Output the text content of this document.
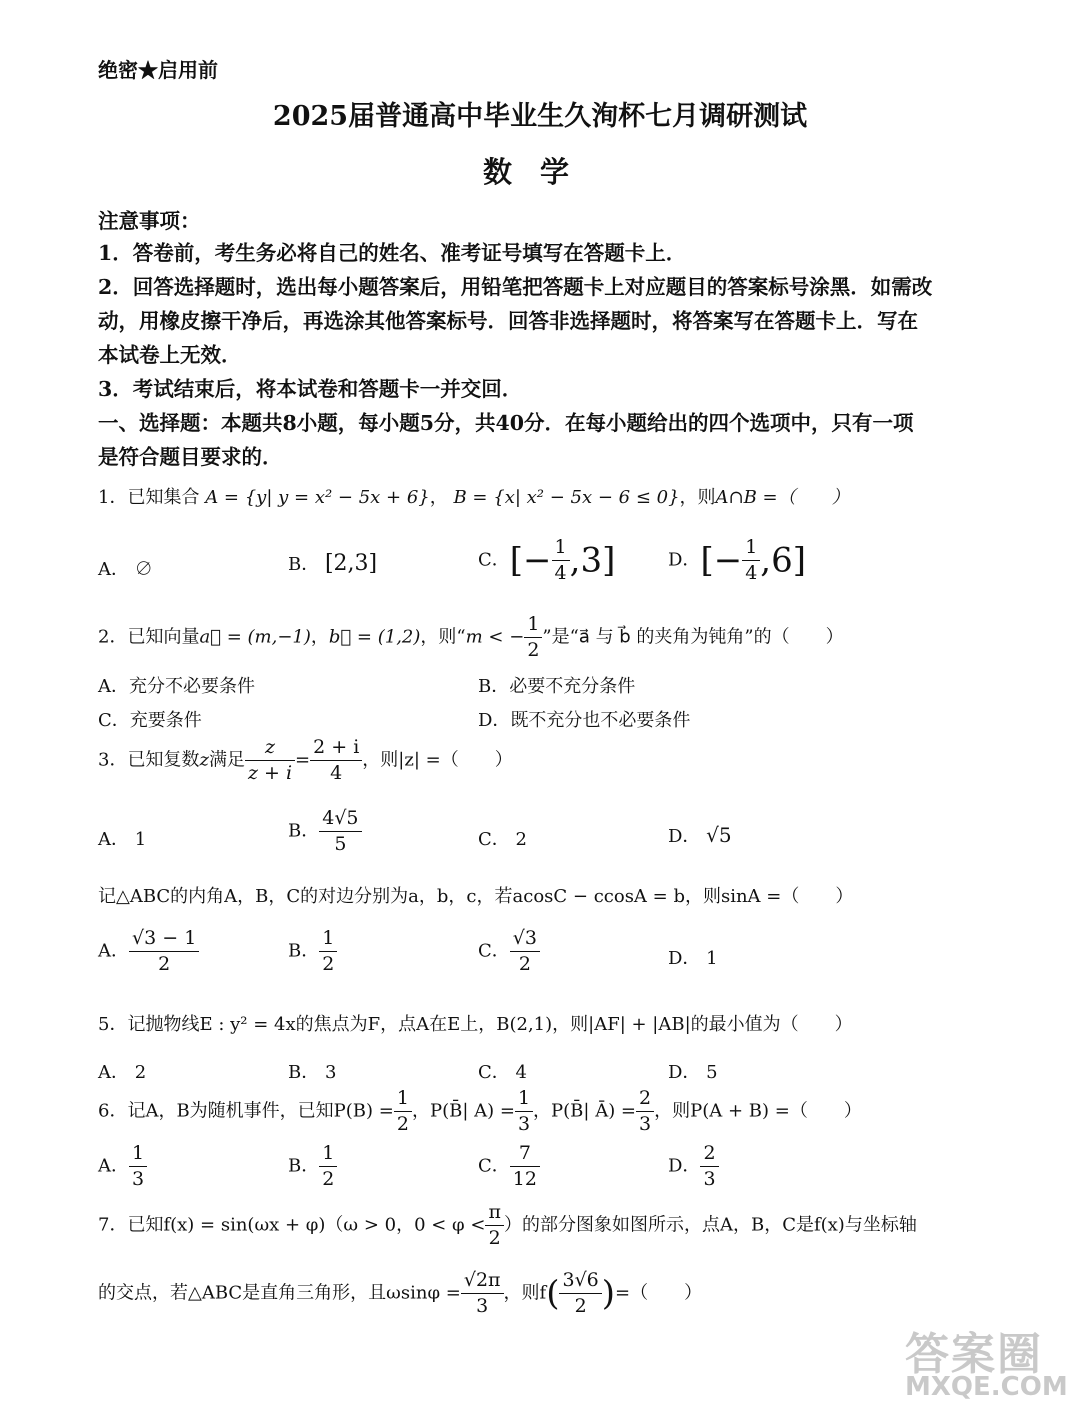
绝密★启用前
2025届普通高中毕业生久洵杯七月调研测试
数学
注意事项：
1．答卷前，考生务必将自己的姓名、准考证号填写在答题卡上．
2．回答选择题时，选出每小题答案后，用铅笔把答题卡上对应题目的答案标号涂黑．如需改
动，用橡皮擦干净后，再选涂其他答案标号．回答非选择题时，将答案写在答题卡上．写在
本试卷上无效．
3．考试结束后，将本试卷和答题卡一并交回．
一、选择题：本题共8小题，每小题5分，共40分．在每小题给出的四个选项中，只有一项
是符合题目要求的．
1．已知集合 A = {y| y = x² − 5x + 6}， B = {x| x² − 5x − 6 ≤ 0}，则A∩B =（　　）
A． ∅	B． [2,3]	C．[− $\frac{1}{4} ,3$]	D．[− $\frac{1}{4} ,6$]
2．已知向量a⃗ = (m,−1)，b⃗ = (1,2)，则“m < − $\frac{1}{2}$ ”是“a⃗ 与 b⃗ 的夹角为钝角”的（　　）
A．充分不必要条件	B．必要不充分条件
C．充要条件	D．既不充分也不必要条件
3．已知复数z满足 $\frac{z}{z + i} = \frac{2 + i}{4}$ ，则|z| =（　　）
A． 1	B． $\frac{4√5}{5}$	C． 2	D． √5
记△ABC的内角A，B，C的对边分别为a，b，c，若acosC − ccosA = b，则sinA =（　　）
A． $\frac{√3 - 1}{2}$	B． $\frac{1}{2}$	C． $\frac{√3}{2}$	D． 1
5．记抛物线E : y² = 4x的焦点为F，点A在E上，B(2,1)，则|AF| + |AB|的最小值为（　　）
A． 2	B． 3	C． 4	D． 5
6．记A，B为随机事件，已知$P(B) = \frac{1}{2}$ ，P(B̄| $A) = \frac{1}{3}$ ，P(B̄| Ā) = $\frac{2}{3}$ ，则P(A + B) =（　　）
A． $\frac{1}{3}$	B． $\frac{1}{2}$	C． $\frac{7}{12}$	D． $\frac{2}{3}$
7．已知f(x) = sin(ωx + φ)（ω > 0，$0 < \varphi < \frac{\pi}{2}$ ）的部分图象如图所示，点A，B，C是f(x)与坐标轴
的交点，若△ABC是直角三角形，且$\omega\sin\varphi = \frac{√2\pi}{3}$ ，则$f( \frac{3√6}{2}$ )=（　　）
答案圈
MXQE.COM
